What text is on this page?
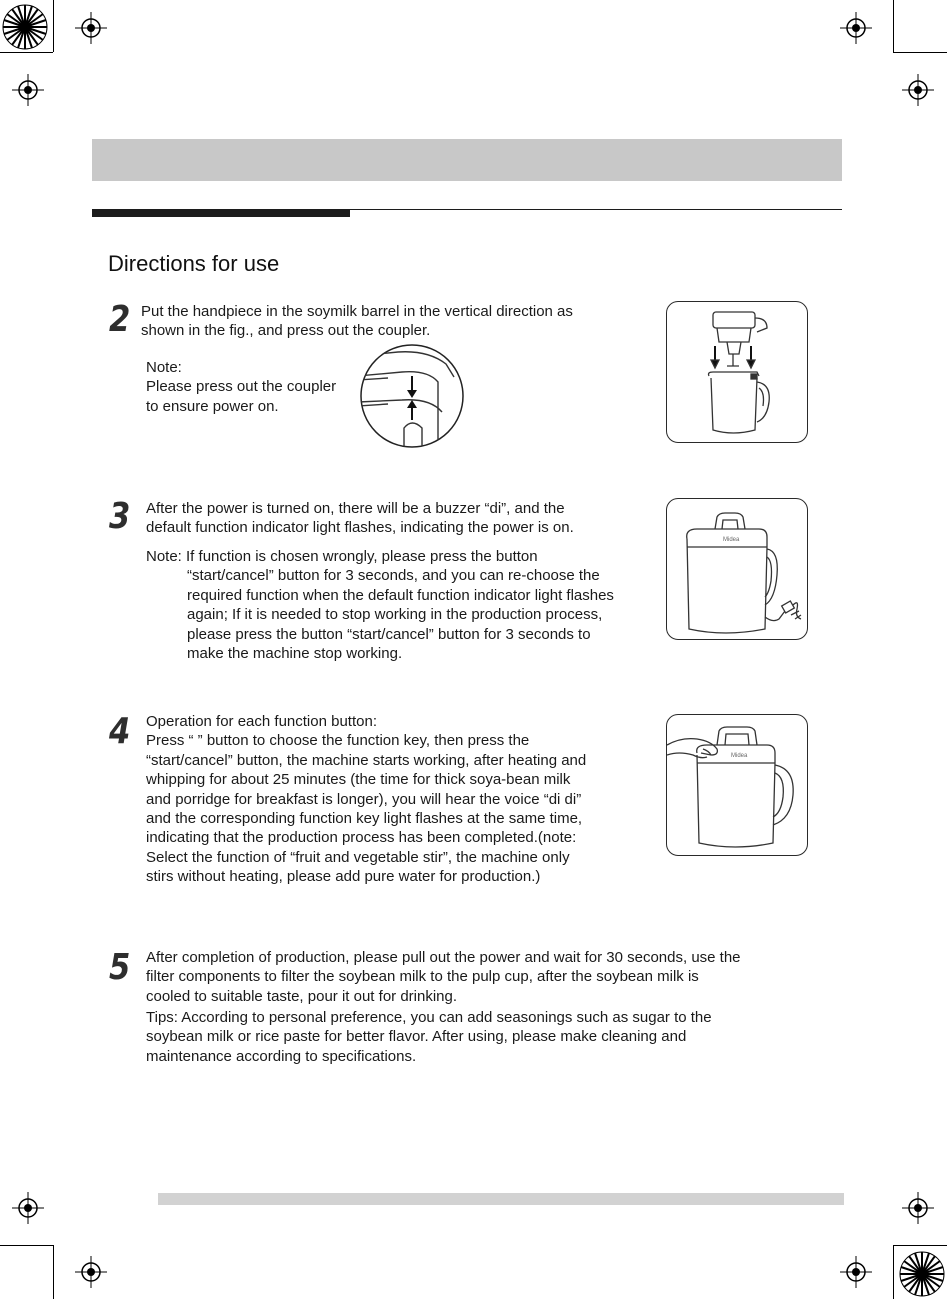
Directions for use
2 Put the handpiece in the soymilk barrel in the vertical direction as

shown in the fig., and press out the coupler.

Note:

Please press out the coupler

to ensure power on.

3 After the power is turned on, there will be a buzzer “di”, and the

default function indicator light flashes, indicating the power is on.

Note: If function is chosen wrongly, please press the button

“start/cancel” button for 3 seconds, and you can re-choose the

required function when the default function indicator light flashes

again; If it is needed to stop working in the production process,

please press the button “start/cancel” button for 3 seconds to

make the machine stop working.

Midea
4 Operation for each function button:

Press “ ” button to choose the function key, then press the

“start/cancel” button, the machine starts working, after heating and

whipping for about 25 minutes (the time for thick soya-bean milk

and porridge for breakfast is longer), you will hear the voice “di di”

and the corresponding function key light flashes at the same time,

indicating that the production process has been completed.(note:

Select the function of “fruit and vegetable stir”, the machine only

stirs without heating, please add pure water for production.)

Midea
5 After completion of production, please pull out the power and wait for 30 seconds, use the

filter components to filter the soybean milk to the pulp cup, after the soybean milk is

cooled to suitable taste, pour it out for drinking.

Tips: According to personal preference, you can add seasonings such as sugar to the

soybean milk or rice paste for better flavor. After using, please make cleaning and

maintenance according to specifications.
